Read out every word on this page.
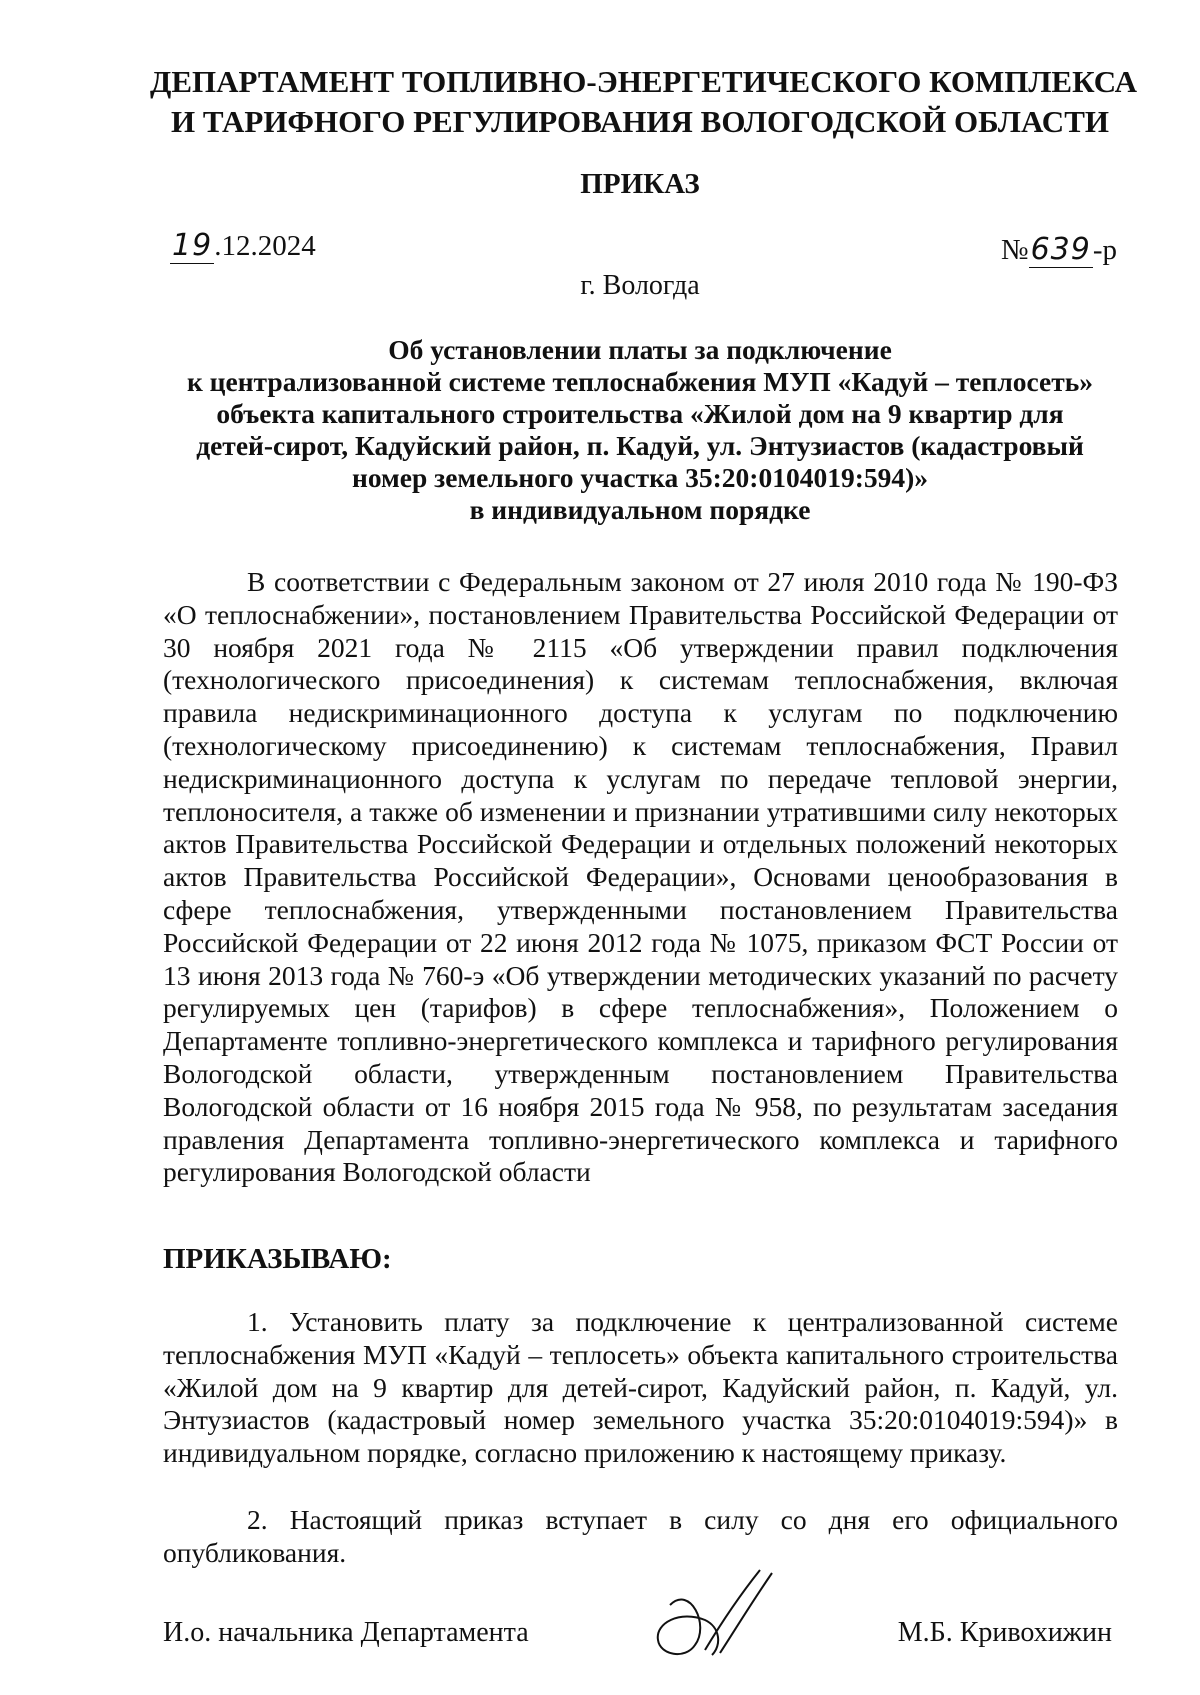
ДЕПАРТАМЕНТ ТОПЛИВНО-ЭНЕРГЕТИЧЕСКОГО КОМПЛЕКСА
И ТАРИФНОГО РЕГУЛИРОВАНИЯ ВОЛОГОДСКОЙ ОБЛАСТИ
ПРИКАЗ
19.12.2024	№639-р
г. Вологда
Об установлении платы за подключение
к централизованной системе теплоснабжения МУП «Кадуй – теплосеть»
объекта капитального строительства «Жилой дом на 9 квартир для
детей-сирот, Кадуйский район, п. Кадуй, ул. Энтузиастов (кадастровый
номер земельного участка 35:20:0104019:594)»
в индивидуальном порядке
В соответствии с Федеральным законом от 27 июля 2010 года № 190-ФЗ «О теплоснабжении», постановлением Правительства Российской Федерации от 30 ноября 2021 года № 2115 «Об утверждении правил подключения (технологического присоединения) к системам теплоснабжения, включая правила недискриминационного доступа к услугам по подключению (технологическому присоединению) к системам теплоснабжения, Правил недискриминационного доступа к услугам по передаче тепловой энергии, теплоносителя, а также об изменении и признании утратившими силу некоторых актов Правительства Российской Федерации и отдельных положений некоторых актов Правительства Российской Федерации», Основами ценообразования в сфере теплоснабжения, утвержденными постановлением Правительства Российской Федерации от 22 июня 2012 года № 1075, приказом ФСТ России от 13 июня 2013 года № 760-э «Об утверждении методических указаний по расчету регулируемых цен (тарифов) в сфере теплоснабжения», Положением о Департаменте топливно-энергетического комплекса и тарифного регулирования Вологодской области, утвержденным постановлением Правительства Вологодской области от 16 ноября 2015 года № 958, по результатам заседания правления Департамента топливно-энергетического комплекса и тарифного регулирования Вологодской области
ПРИКАЗЫВАЮ:
1. Установить плату за подключение к централизованной системе теплоснабжения МУП «Кадуй – теплосеть» объекта капитального строительства «Жилой дом на 9 квартир для детей-сирот, Кадуйский район, п. Кадуй, ул. Энтузиастов (кадастровый номер земельного участка 35:20:0104019:594)» в индивидуальном порядке, согласно приложению к настоящему приказу.
2. Настоящий приказ вступает в силу со дня его официального опубликования.
И.о. начальника Департамента	М.Б. Кривохижин
